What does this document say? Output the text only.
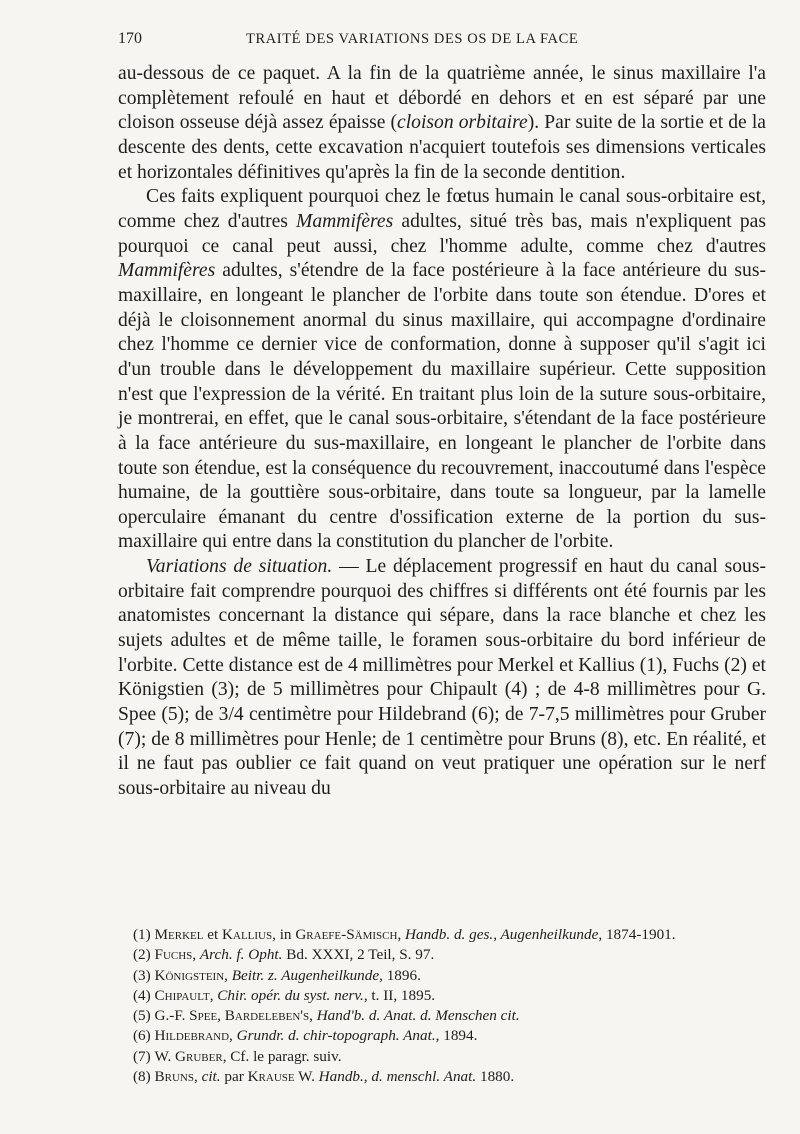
170	TRAITÉ DES VARIATIONS DES OS DE LA FACE

au-dessous de ce paquet. A la fin de la quatrième année, le sinus maxillaire l'a complètement refoulé en haut et débordé en dehors et en est séparé par une cloison osseuse déjà assez épaisse (cloison orbitaire). Par suite de la sortie et de la descente des dents, cette excavation n'acquiert toutefois ses dimensions verticales et horizontales définitives qu'après la fin de la seconde dentition.

Ces faits expliquent pourquoi chez le fœtus humain le canal sous-orbitaire est, comme chez d'autres Mammifères adultes, situé très bas, mais n'expliquent pas pourquoi ce canal peut aussi, chez l'homme adulte, comme chez d'autres Mammifères adultes, s'étendre de la face postérieure à la face antérieure du sus-maxillaire, en longeant le plancher de l'orbite dans toute son étendue. D'ores et déjà le cloisonnement anormal du sinus maxillaire, qui accompagne d'ordinaire chez l'homme ce dernier vice de conformation, donne à supposer qu'il s'agit ici d'un trouble dans le développement du maxillaire supérieur. Cette supposition n'est que l'expression de la vérité. En traitant plus loin de la suture sous-orbitaire, je montrerai, en effet, que le canal sous-orbitaire, s'étendant de la face postérieure à la face antérieure du sus-maxillaire, en longeant le plancher de l'orbite dans toute son étendue, est la conséquence du recouvrement, inaccoutumé dans l'espèce humaine, de la gouttière sous-orbitaire, dans toute sa longueur, par la lamelle operculaire émanant du centre d'ossification externe de la portion du sus-maxillaire qui entre dans la constitution du plancher de l'orbite.

Variations de situation. — Le déplacement progressif en haut du canal sous-orbitaire fait comprendre pourquoi des chiffres si différents ont été fournis par les anatomistes concernant la distance qui sépare, dans la race blanche et chez les sujets adultes et de même taille, le foramen sous-orbitaire du bord inférieur de l'orbite. Cette distance est de 4 millimètres pour Merkel et Kallius (1), Fuchs (2) et Königstien (3); de 5 millimètres pour Chipault (4) ; de 4-8 millimètres pour G. Spee (5); de 3/4 centimètre pour Hildebrand (6); de 7-7,5 millimètres pour Gruber (7); de 8 millimètres pour Henle; de 1 centimètre pour Bruns (8), etc. En réalité, et il ne faut pas oublier ce fait quand on veut pratiquer une opération sur le nerf sous-orbitaire au niveau du

(1) Merkel et Kallius, in Graefe-Sämisch, Handb. d. ges., Augenheilkunde, 1874-1901.

(2) Fuchs, Arch. f. Opht. Bd. XXXI, 2 Teil, S. 97.

(3) Königstein, Beitr. z. Augenheilkunde, 1896.

(4) Chipault, Chir. opér. du syst. nerv., t. II, 1895.

(5) G.-F. Spee, Bardeleben's, Hand'b. d. Anat. d. Menschen cit.

(6) Hildebrand, Grundr. d. chir-topograph. Anat., 1894.

(7) W. Gruber, Cf. le paragr. suiv.

(8) Bruns, cit. par Krause W. Handb., d. menschl. Anat. 1880.
